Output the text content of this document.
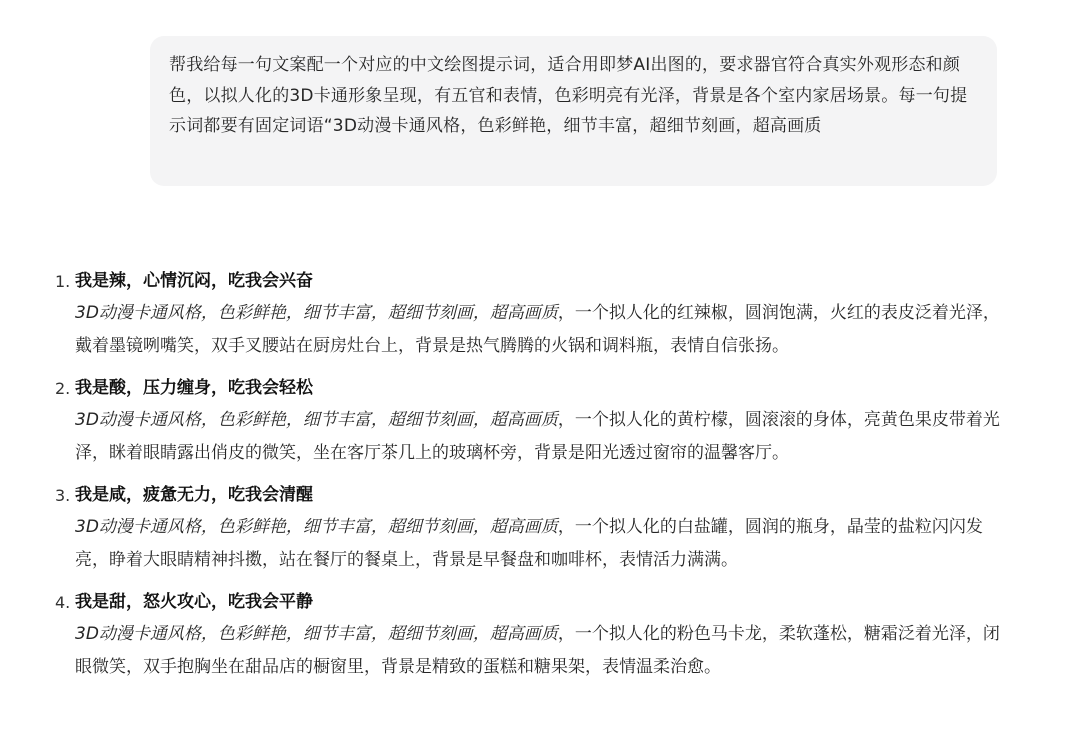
帮我给每一句文案配一个对应的中文绘图提示词，适合用即梦AI出图的，要求器官符合真实外观形态和颜色，以拟人化的3D卡通形象呈现，有五官和表情，色彩明亮有光泽，背景是各个室内家居场景。每一句提示词都要有固定词语“3D动漫卡通风格，色彩鲜艳，细节丰富，超细节刻画，超高画质
1. 我是辣，心情沉闷，吃我会兴奋
3D动漫卡通风格，色彩鲜艳，细节丰富，超细节刻画，超高画质，一个拟人化的红辣椒，圆润饱满，火红的表皮泛着光泽，戴着墨镜咧嘴笑，双手叉腰站在厨房灶台上，背景是热气腾腾的火锅和调料瓶，表情自信张扬。
2. 我是酸，压力缠身，吃我会轻松
3D动漫卡通风格，色彩鲜艳，细节丰富，超细节刻画，超高画质，一个拟人化的黄柠檬，圆滚滚的身体，亮黄色果皮带着光泽，眯着眼睛露出俏皮的微笑，坐在客厅茶几上的玻璃杯旁，背景是阳光透过窗帘的温馨客厅。
3. 我是咸，疲惫无力，吃我会清醒
3D动漫卡通风格，色彩鲜艳，细节丰富，超细节刻画，超高画质，一个拟人化的白盐罐，圆润的瓶身，晶莹的盐粒闪闪发亮，睁着大眼睛精神抖擞，站在餐厅的餐桌上，背景是早餐盘和咖啡杯，表情活力满满。
4. 我是甜，怒火攻心，吃我会平静
3D动漫卡通风格，色彩鲜艳，细节丰富，超细节刻画，超高画质，一个拟人化的粉色马卡龙，柔软蓬松，糖霜泛着光泽，闭眼微笑，双手抱胸坐在甜品店的橱窗里，背景是精致的蛋糕和糖果架，表情温柔治愈。
